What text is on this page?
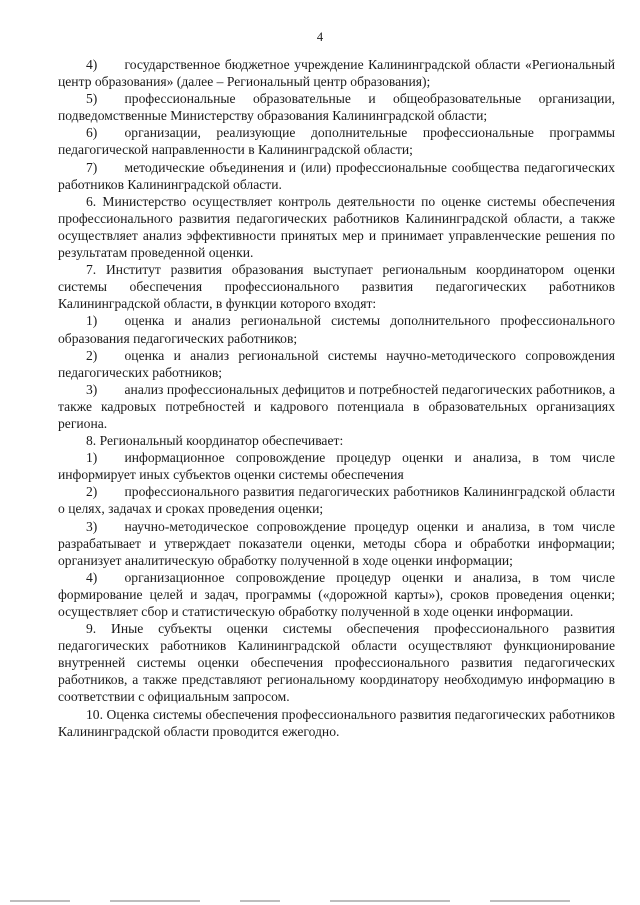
4

4)  государственное бюджетное учреждение Калининградской области «Региональный центр образования» (далее – Региональный центр образования);

5)  профессиональные образовательные и общеобразовательные организации, подведомственные Министерству образования Калининградской области;

6)  организации, реализующие дополнительные профессиональные программы педагогической направленности в Калининградской области;

7)  методические объединения и (или) профессиональные сообщества педагогических работников Калининградской области.

6. Министерство осуществляет контроль деятельности по оценке системы обеспечения профессионального развития педагогических работников Калининградской области, а также осуществляет анализ эффективности принятых мер и принимает управленческие решения по результатам проведенной оценки.

7. Институт развития образования выступает региональным координатором оценки системы обеспечения профессионального развития педагогических работников Калининградской области, в функции которого входят:

1)  оценка и анализ региональной системы дополнительного профессионального образования педагогических работников;

2)  оценка и анализ региональной системы научно-методического сопровождения педагогических работников;

3)  анализ профессиональных дефицитов и потребностей педагогических работников, а также кадровых потребностей и кадрового потенциала в образовательных организациях региона.

8. Региональный координатор обеспечивает:

1)  информационное сопровождение процедур оценки и анализа, в том числе информирует иных субъектов оценки системы обеспечения

2)  профессионального развития педагогических работников Калининградской области о целях, задачах и сроках проведения оценки;

3)  научно-методическое сопровождение процедур оценки и анализа, в том числе разрабатывает и утверждает показатели оценки, методы сбора и обработки информации; организует аналитическую обработку полученной в ходе оценки информации;

4)  организационное сопровождение процедур оценки и анализа, в том числе формирование целей и задач, программы («дорожной карты»), сроков проведения оценки; осуществляет сбор и статистическую обработку полученной в ходе оценки информации.

9. Иные субъекты оценки системы обеспечения профессионального развития педагогических работников Калининградской области осуществляют функционирование внутренней системы оценки обеспечения профессионального развития педагогических работников, а также представляют региональному координатору необходимую информацию в соответствии с официальным запросом.

10. Оценка системы обеспечения профессионального развития педагогических работников Калининградской области проводится ежегодно.
